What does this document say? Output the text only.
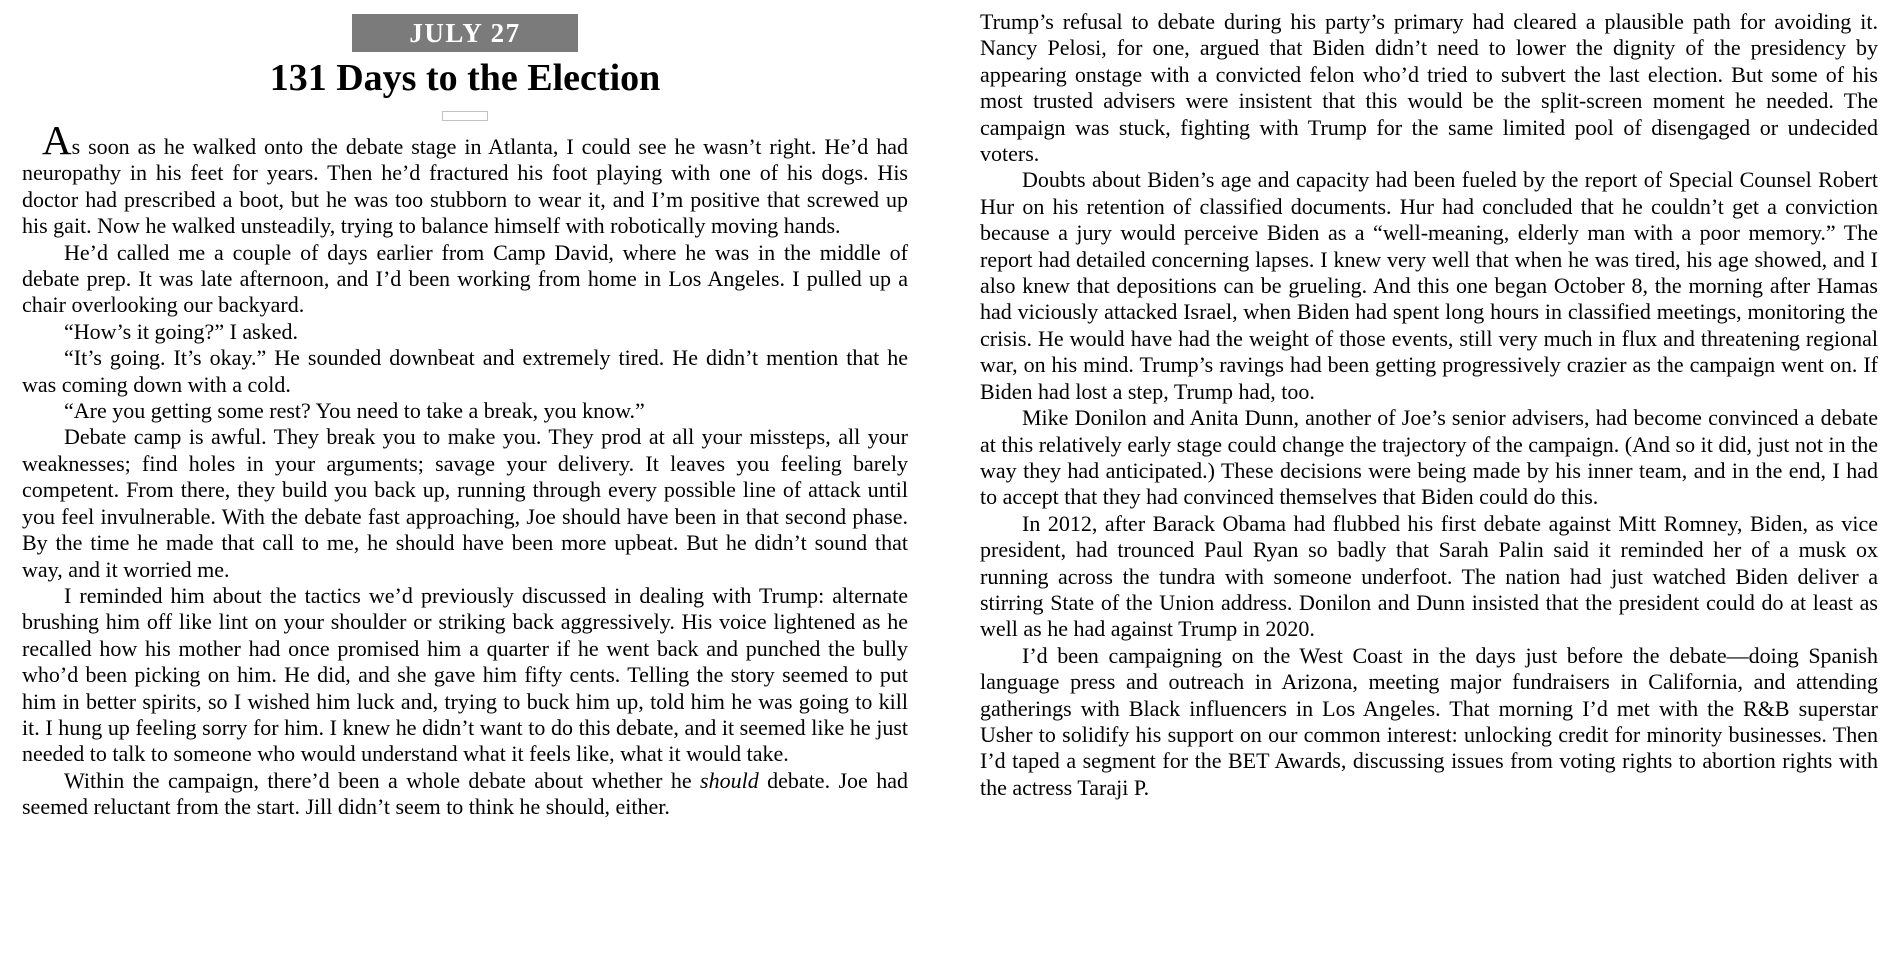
JULY 27
131 Days to the Election

As soon as he walked onto the debate stage in Atlanta, I could see he wasn’t right. He’d had neuropathy in his feet for years. Then he’d fractured his foot playing with one of his dogs. His doctor had prescribed a boot, but he was too stubborn to wear it, and I’m positive that screwed up his gait. Now he walked unsteadily, trying to balance himself with robotically moving hands.

He’d called me a couple of days earlier from Camp David, where he was in the middle of debate prep. It was late afternoon, and I’d been working from home in Los Angeles. I pulled up a chair overlooking our backyard.

“How’s it going?” I asked.

“It’s going. It’s okay.” He sounded downbeat and extremely tired. He didn’t mention that he was coming down with a cold.

“Are you getting some rest? You need to take a break, you know.”

Debate camp is awful. They break you to make you. They prod at all your missteps, all your weaknesses; find holes in your arguments; savage your delivery. It leaves you feeling barely competent. From there, they build you back up, running through every possible line of attack until you feel invulnerable. With the debate fast approaching, Joe should have been in that second phase. By the time he made that call to me, he should have been more upbeat. But he didn’t sound that way, and it worried me.

I reminded him about the tactics we’d previously discussed in dealing with Trump: alternate brushing him off like lint on your shoulder or striking back aggressively. His voice lightened as he recalled how his mother had once promised him a quarter if he went back and punched the bully who’d been picking on him. He did, and she gave him fifty cents. Telling the story seemed to put him in better spirits, so I wished him luck and, trying to buck him up, told him he was going to kill it. I hung up feeling sorry for him. I knew he didn’t want to do this debate, and it seemed like he just needed to talk to someone who would understand what it feels like, what it would take.

Within the campaign, there’d been a whole debate about whether he should debate. Joe had seemed reluctant from the start. Jill didn’t seem to think he should, either.

Trump’s refusal to debate during his party’s primary had cleared a plausible path for avoiding it. Nancy Pelosi, for one, argued that Biden didn’t need to lower the dignity of the presidency by appearing onstage with a convicted felon who’d tried to subvert the last election. But some of his most trusted advisers were insistent that this would be the split-screen moment he needed. The campaign was stuck, fighting with Trump for the same limited pool of disengaged or undecided voters.

Doubts about Biden’s age and capacity had been fueled by the report of Special Counsel Robert Hur on his retention of classified documents. Hur had concluded that he couldn’t get a conviction because a jury would perceive Biden as a “well-meaning, elderly man with a poor memory.” The report had detailed concerning lapses. I knew very well that when he was tired, his age showed, and I also knew that depositions can be grueling. And this one began October 8, the morning after Hamas had viciously attacked Israel, when Biden had spent long hours in classified meetings, monitoring the crisis. He would have had the weight of those events, still very much in flux and threatening regional war, on his mind. Trump’s ravings had been getting progressively crazier as the campaign went on. If Biden had lost a step, Trump had, too.

Mike Donilon and Anita Dunn, another of Joe’s senior advisers, had become convinced a debate at this relatively early stage could change the trajectory of the campaign. (And so it did, just not in the way they had anticipated.) These decisions were being made by his inner team, and in the end, I had to accept that they had convinced themselves that Biden could do this.

In 2012, after Barack Obama had flubbed his first debate against Mitt Romney, Biden, as vice president, had trounced Paul Ryan so badly that Sarah Palin said it reminded her of a musk ox running across the tundra with someone underfoot. The nation had just watched Biden deliver a stirring State of the Union address. Donilon and Dunn insisted that the president could do at least as well as he had against Trump in 2020.

I’d been campaigning on the West Coast in the days just before the debate—doing Spanish language press and outreach in Arizona, meeting major fundraisers in California, and attending gatherings with Black influencers in Los Angeles. That morning I’d met with the R&B superstar Usher to solidify his support on our common interest: unlocking credit for minority businesses. Then I’d taped a segment for the BET Awards, discussing issues from voting rights to abortion rights with the actress Taraji P.
